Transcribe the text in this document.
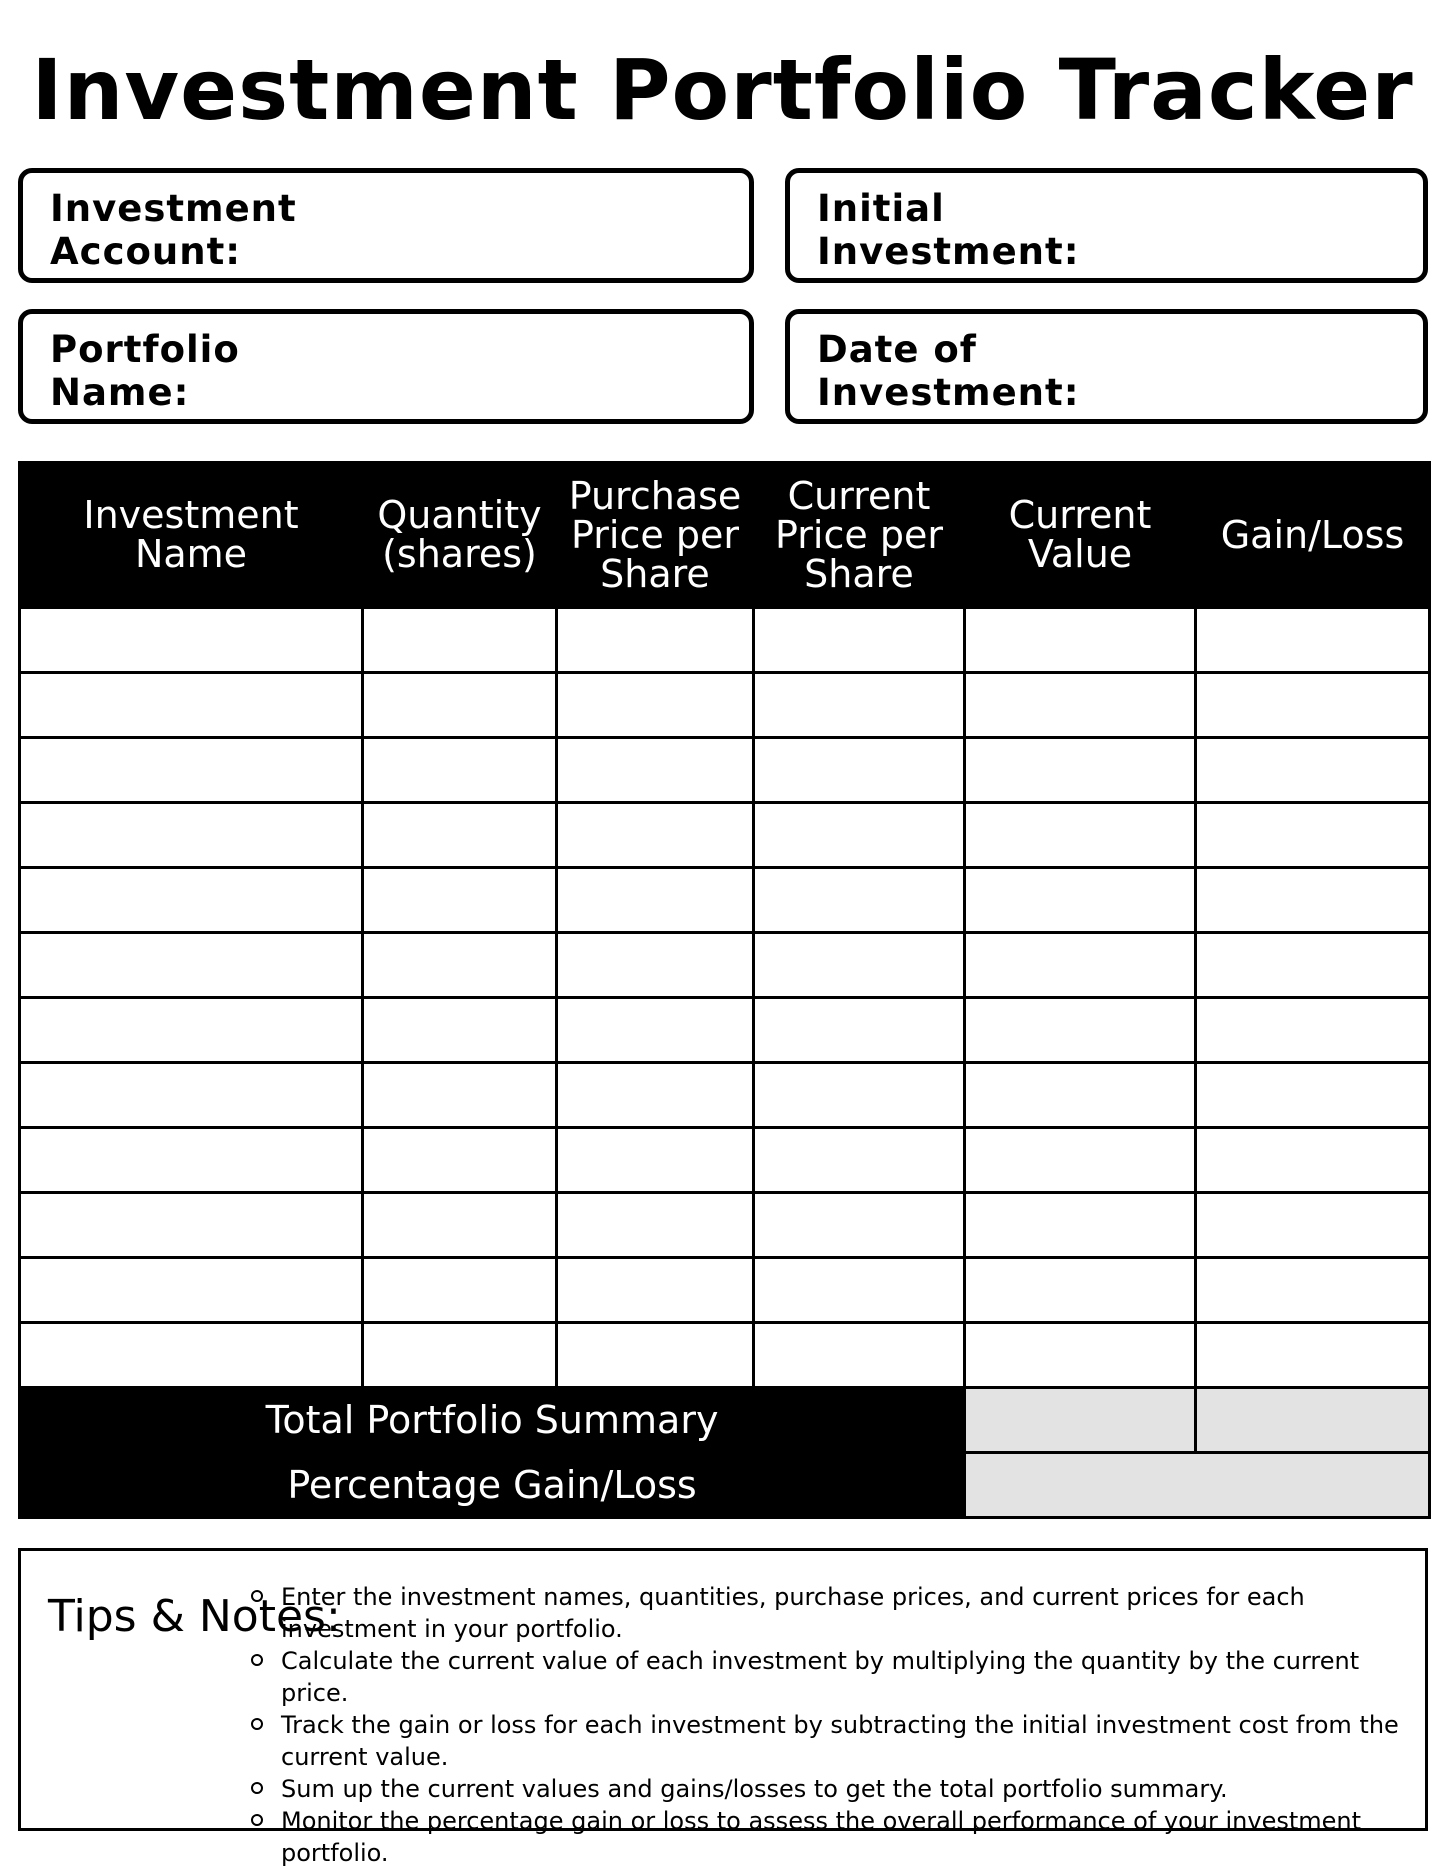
Investment Portfolio Tracker
Investment
Account:
Initial
Investment:
Portfolio
Name:
Date of
Investment:
Investment Name	Quantity (shares)	Purchase Price per Share	Current Price per Share	Current Value	Gain/Loss

Total Portfolio Summary					
Percentage Gain/Loss					
Tips & Notes:
Enter the investment names, quantities, purchase prices, and current prices for each investment in your portfolio.
Calculate the current value of each investment by multiplying the quantity by the current price.
Track the gain or loss for each investment by subtracting the initial investment cost from the current value.
Sum up the current values and gains/losses to get the total portfolio summary.
Monitor the percentage gain or loss to assess the overall performance of your investment portfolio.
